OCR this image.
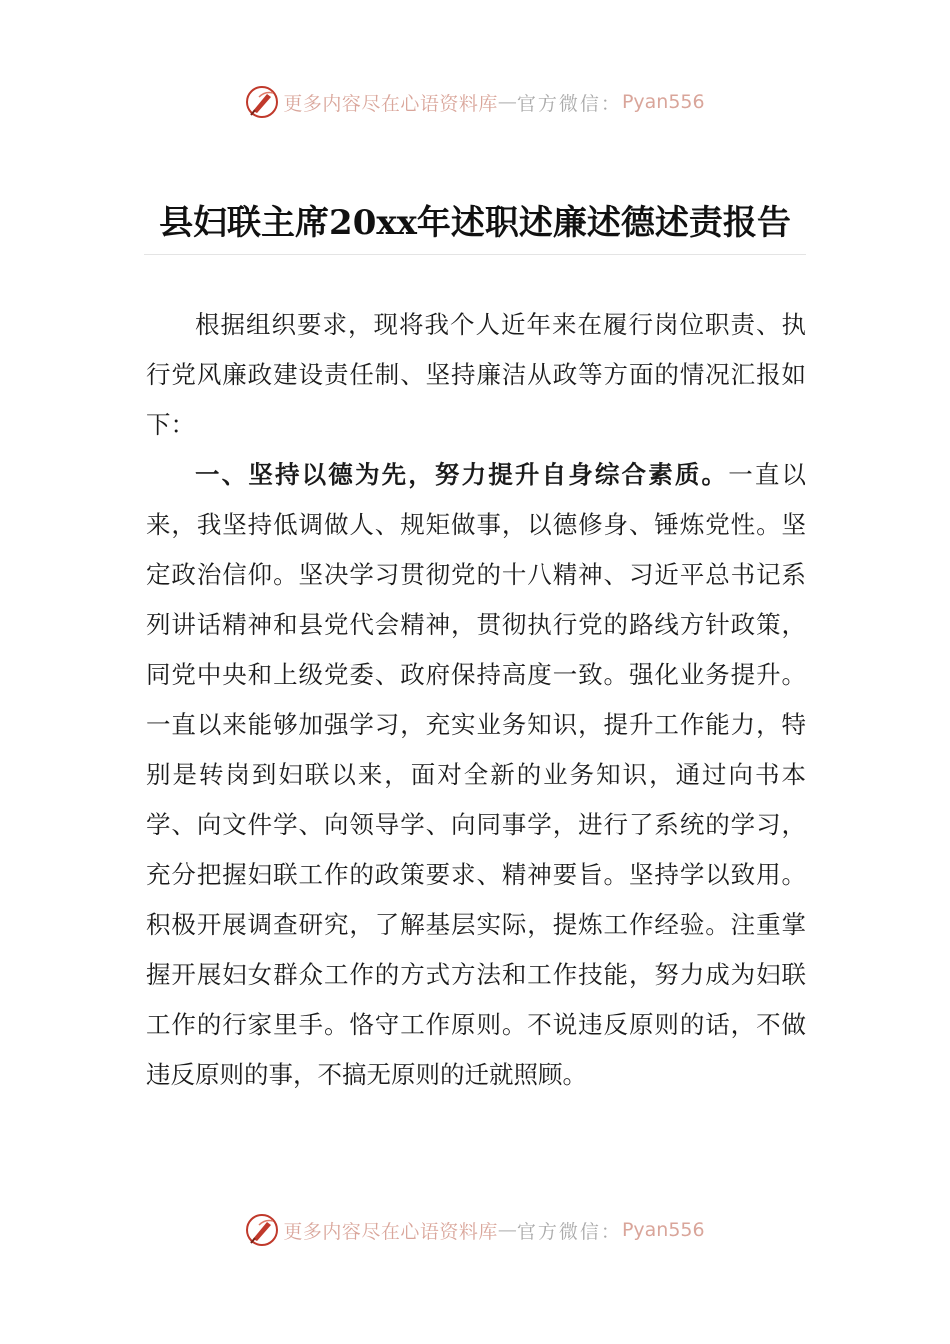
更多内容尽在心语资料库 — 官方微信： Pyan556
县妇联主席20xx年述职述廉述德述责报告

根据组织要求，现将我个人近年来在履行岗位职责、执行党风廉政建设责任制、坚持廉洁从政等方面的情况汇报如下：

一、坚持以德为先，努力提升自身综合素质。一直以来，我坚持低调做人、规矩做事，以德修身、锤炼党性。坚定政治信仰。坚决学习贯彻党的十八精神、习近平总书记系列讲话精神和县党代会精神，贯彻执行党的路线方针政策，同党中央和上级党委、政府保持高度一致。强化业务提升。一直以来能够加强学习，充实业务知识，提升工作能力，特别是转岗到妇联以来，面对全新的业务知识，通过向书本学、向文件学、向领导学、向同事学，进行了系统的学习，充分把握妇联工作的政策要求、精神要旨。坚持学以致用。积极开展调查研究，了解基层实际，提炼工作经验。注重掌握开展妇女群众工作的方式方法和工作技能，努力成为妇联工作的行家里手。恪守工作原则。不说违反原则的话，不做违反原则的事，不搞无原则的迁就照顾。

更多内容尽在心语资料库 — 官方微信： Pyan556
